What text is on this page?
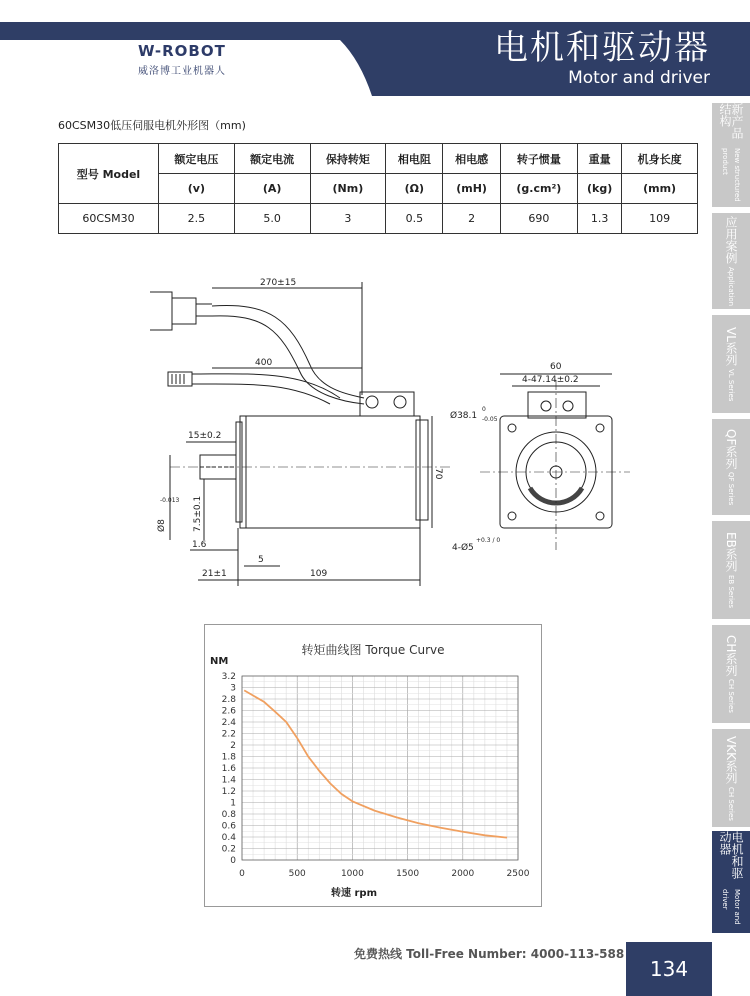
W-ROBOT
威洛博工业机器人
电机和驱动器
Motor and driver
新产品结构
New structured product
应用案例
Application
VL系列
VL Series
QF系列
QF Series
EB系列
EB Series
CH系列
CH Series
VKK系列
CH Series
电机和驱动器
Motor and driver
60CSM30低压伺服电机外形图（mm)
型号 Model	额定电压	额定电流	保持转矩	相电阻	相电感	转子惯量	重量	机身长度
	(v)	(A)	(Nm)	(Ω)	(mH)	(g.cm²)	(kg)	(mm)
60CSM30	2.5	5.0	3	0.5	2	690	1.3	109
270±15
400
15±0.2
Ø8	7.5±0.1
1.6
5
21±1	109
70
60
4-47.14±0.2
Ø38.1
0
-0.05
4-Ø5
+0.3 / 0
-0.013
转矩曲线图 Torque Curve
NM
转速 rpm
0	500	1000	1500	2000	2500
0
0.2
0.4
0.6
0.8
1
1.2
1.4
1.6
1.8
2
2.2
2.4
2.6
2.8
3
3.2
免费热线 Toll-Free Number: 4000-113-588
134
